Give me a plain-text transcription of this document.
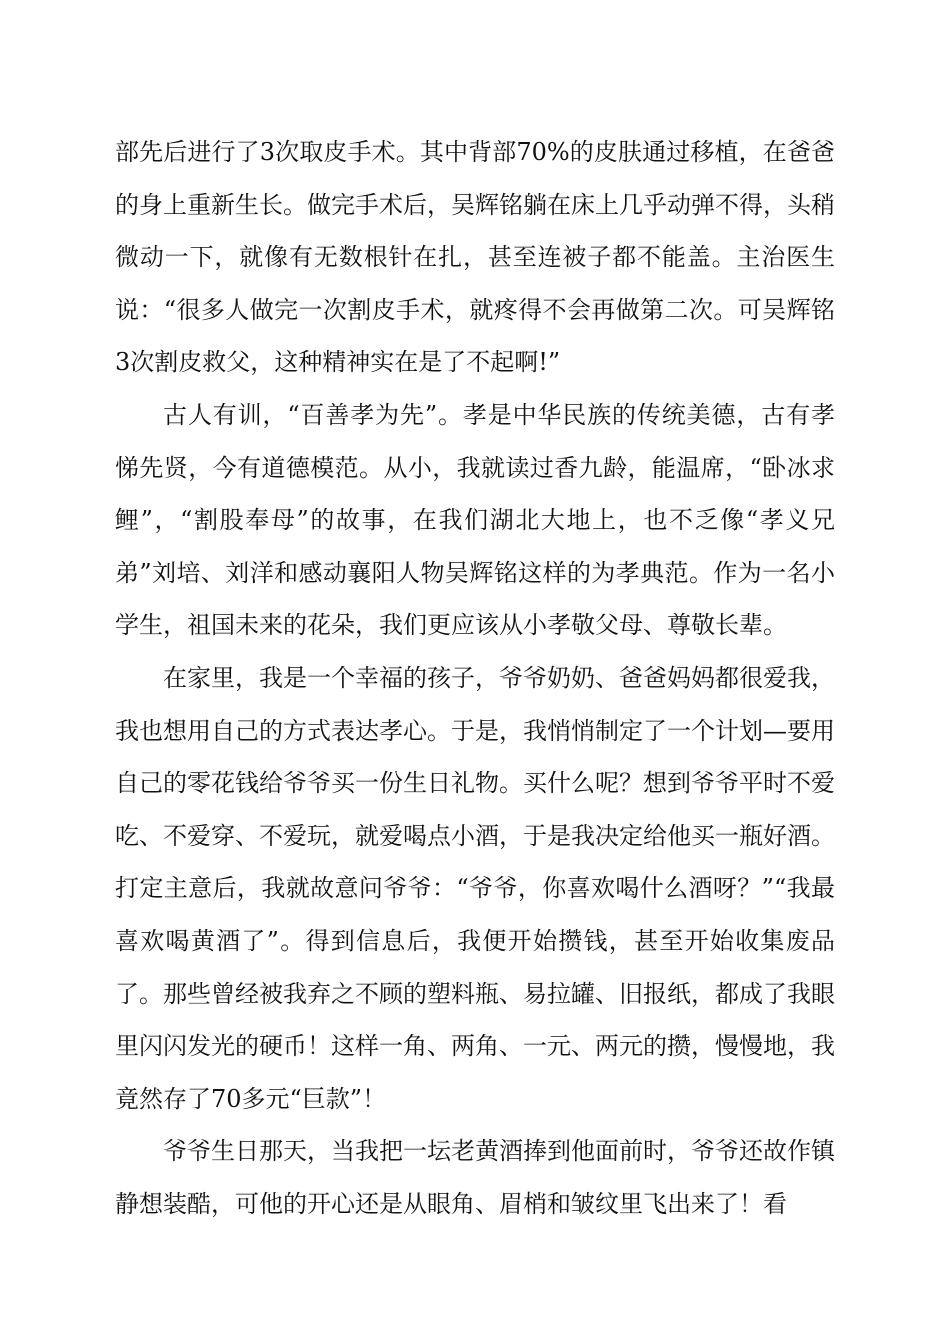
部先后进行了3次取皮手术。其中背部70%的皮肤通过移植，在爸爸的身上重新生长。做完手术后，吴辉铭躺在床上几乎动弹不得，头稍微动一下，就像有无数根针在扎，甚至连被子都不能盖。主治医生说：“很多人做完一次割皮手术，就疼得不会再做第二次。可吴辉铭3次割皮救父，这种精神实在是了不起啊!”

古人有训，“百善孝为先”。孝是中华民族的传统美德，古有孝悌先贤，今有道德模范。从小，我就读过香九龄，能温席，“卧冰求鲤”，“割股奉母”的故事，在我们湖北大地上，也不乏像“孝义兄弟”刘培、刘洋和感动襄阳人物吴辉铭这样的为孝典范。作为一名小学生，祖国未来的花朵，我们更应该从小孝敬父母、尊敬长辈。

在家里，我是一个幸福的孩子，爷爷奶奶、爸爸妈妈都很爱我，我也想用自己的方式表达孝心。于是，我悄悄制定了一个计划—要用自己的零花钱给爷爷买一份生日礼物。买什么呢？想到爷爷平时不爱吃、不爱穿、不爱玩，就爱喝点小酒，于是我决定给他买一瓶好酒。打定主意后，我就故意问爷爷：“爷爷，你喜欢喝什么酒呀？”“我最喜欢喝黄酒了”。得到信息后，我便开始攒钱，甚至开始收集废品了。那些曾经被我弃之不顾的塑料瓶、易拉罐、旧报纸，都成了我眼里闪闪发光的硬币！这样一角、两角、一元、两元的攒，慢慢地，我竟然存了70多元“巨款”！

爷爷生日那天，当我把一坛老黄酒捧到他面前时，爷爷还故作镇静想装酷，可他的开心还是从眼角、眉梢和皱纹里飞出来了！看
